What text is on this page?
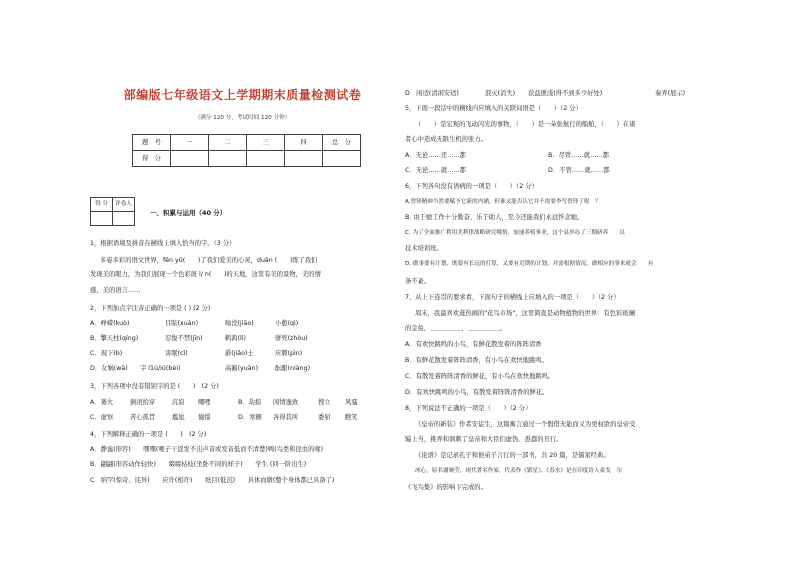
部编版七年级语文上学期期末质量检测试卷
（满分 120 分，考试时间 120 分钟）
题　号	一	二	三	四	总　分
得　分					
得 分	评卷人

一、积累与运用（40 分）
1，根据语境及拼音在横线上填入恰当的字。（3 分）
多姿多彩的语文世界，fēn yū(　　)了我们爱美的心灵，duǎn (　　)练了我们
发现美的眼力，为我们展现一个色彩斑 l/ n(　　)的天地，这里有美的景物，美的情
感，美的语言……
2，下列加点字注音正确的一项是 ( ) (2 分)
A．峥嵘(kuò)	目眩(xuàn)	嗡没(jiāo)	小憩(qì)
B．擎天柱(qíng)	忍俊不禁(jīn)	鹌鹑(lì)	骈死(zhòu)
C．现下(b)	害眠(cǐ)	爵(jiǎo)士	应聘(pìn)
D．女娲(wā) 字 l1ú/iú(bèi)	高匾(yuān)	酝酿(niàng)
3，下列各项中没有错别字的是 (　　)　(2 分)
A．篝火	倒闭拾穿	沉寂 嘲哩	B．劫掠 闲情逸致	搜立 风骚
C．虚察	苦心孤旨	尴尬 憧憬	D．寒颤 各得其所	委屈 瞧笑
4，下列解释正确的一项是 (　　)　(2 分)
A．静谧(形容)　　嘿嘿(喉子干涩发不出声音或发音低而不清楚)鸭(鸟类和昆虫的喙)
B．翩翩(形容动作轻快)　　啜啜枯枝(坐卧不同的样子)　　学生 (同一阶出生)
C　纳罕(惊奇、诧异)　　应许(相许)　　纸目(低沉)　　具体而微(整个身体都已具备了)
D　闲适(清闲安适)	泯灭(消失) 获益匪浅(得不到多少好处)	奏弄(展示)
5，下面一段话中的横线内应填入的关联词语是（　　）（2 分）
（　　）是宏观的飞动闪光的事物，（　　）是一朵张航行的船舶，（　　）在诸
者心中造成无限生机的张力。
A．无论……还……都	B．尽管……就……都
C．无论……就……都	D．不管……就……都
6，下列各句没有语病的一项是（　　）（2 分）
A.曾铎精神当然要赋予它新的内涵，但谁又能否认它并不需要李写曾铎了呢　？
B. 由于她工作十分勤奋，乐于助人，至今还能我们永远怀念她。
C. 为了全面推广利用美利律战略研究哪情，加速养殖事业，这个县举办了三期研养　　员
技术培训班。
D. 做事要有计划，既要有长远的打算，又要有近期的计划，并需根据情况，做相应的事来就会　　有
条不紊。
7，从上下连贯的要求看，下面句子的横线上应填入的一项是（　　）（2 分）
周末，我最喜欢逛热闹的"花鸟市场"，这里简直是动物植物的世界：有色彩斑斓
的金鱼，＿＿＿＿＿，＿＿＿＿＿。
A．有欢快跳鸣的小鸟，有鲜花散发着的阵阵清香
B．有鲜花散发着阵阵清香，有小鸟在欢快地跳鸣。
C．有散发着阵阵清香的鲜花，有小鸟在欢快地跳鸣。
D．有欢快跳鸣的小鸟，有散发着阵阵清香的鲜花。
8，下列说法不正确的一项是（　　）（2 分）
《皇帝的新装》作者安徒生，这篇寓言通过一个假借无能而又为更权欲的皇帝受
骗上当，挑弄和讽刺了皇帝和大臣们虚伪、愚蠢的丑行。
《论语》是记录孔子和他弟子言行的一部书，共 20 篇，是儒家经典。
冰心，原名谢婉莹，现代著名作家，代表作《繁星》、《春水》是在印度诗人泰戈　尔
《飞鸟集》的影响下完成的。
